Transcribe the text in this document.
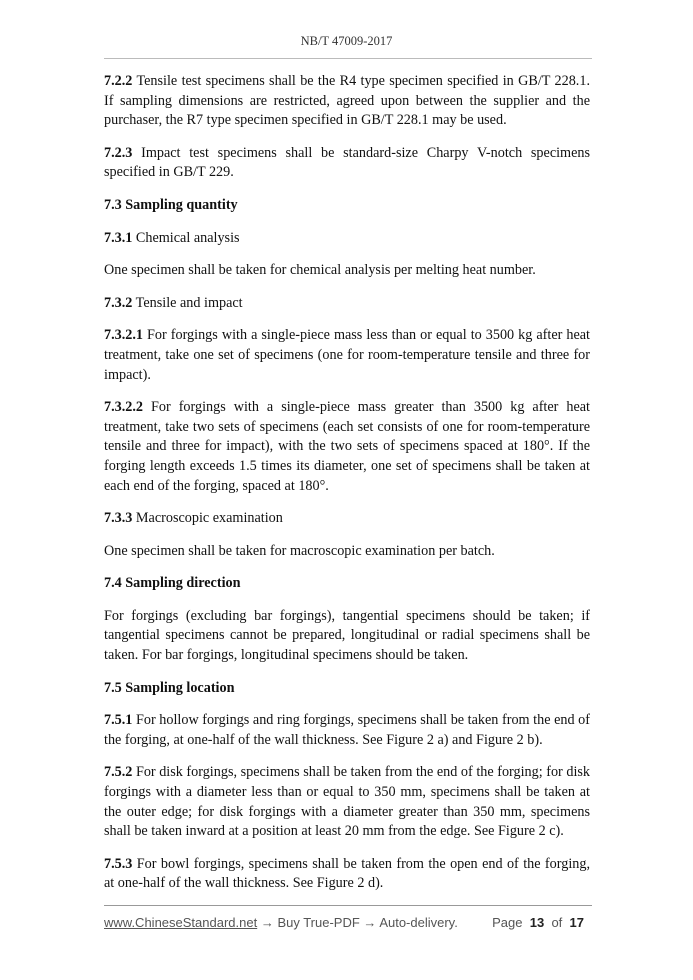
NB/T 47009-2017

7.2.2 Tensile test specimens shall be the R4 type specimen specified in GB/T 228.1. If sampling dimensions are restricted, agreed upon between the supplier and the purchaser, the R7 type specimen specified in GB/T 228.1 may be used.

7.2.3 Impact test specimens shall be standard-size Charpy V-notch specimens specified in GB/T 229.

7.3 Sampling quantity

7.3.1 Chemical analysis

One specimen shall be taken for chemical analysis per melting heat number.

7.3.2 Tensile and impact

7.3.2.1 For forgings with a single-piece mass less than or equal to 3500 kg after heat treatment, take one set of specimens (one for room-temperature tensile and three for impact).

7.3.2.2 For forgings with a single-piece mass greater than 3500 kg after heat treatment, take two sets of specimens (each set consists of one for room-temperature tensile and three for impact), with the two sets of specimens spaced at 180°. If the forging length exceeds 1.5 times its diameter, one set of specimens shall be taken at each end of the forging, spaced at 180°.

7.3.3 Macroscopic examination

One specimen shall be taken for macroscopic examination per batch.

7.4 Sampling direction

For forgings (excluding bar forgings), tangential specimens should be taken; if tangential specimens cannot be prepared, longitudinal or radial specimens shall be taken. For bar forgings, longitudinal specimens should be taken.

7.5 Sampling location

7.5.1 For hollow forgings and ring forgings, specimens shall be taken from the end of the forging, at one-half of the wall thickness. See Figure 2 a) and Figure 2 b).

7.5.2 For disk forgings, specimens shall be taken from the end of the forging; for disk forgings with a diameter less than or equal to 350 mm, specimens shall be taken at the outer edge; for disk forgings with a diameter greater than 350 mm, specimens shall be taken inward at a position at least 20 mm from the edge. See Figure 2 c).

7.5.3 For bowl forgings, specimens shall be taken from the open end of the forging, at one-half of the wall thickness. See Figure 2 d).

www.ChineseStandard.net → Buy True-PDF → Auto-delivery.	Page 13 of 17
